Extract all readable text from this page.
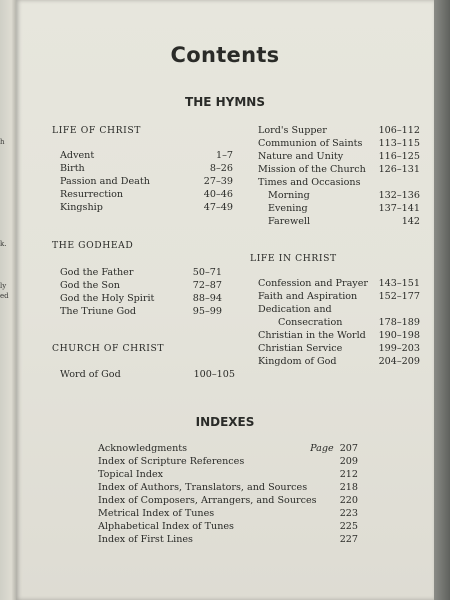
h
k.
ly
ed
Contents
THE HYMNS
LIFE OF CHRIST
Advent	1–7
Birth	8–26
Passion and Death	27–39
Resurrection	40–46
Kingship	47–49
THE GODHEAD
God the Father	50–71
God the Son	72–87
God the Holy Spirit	88–94
The Triune God	95–99
CHURCH OF CHRIST
Word of God	100–105
Lord's Supper	106–112
Communion of Saints 113–115
Nature and Unity	116–125
Mission of the Church 126–131
Times and Occasions
Morning	132–136
Evening	137–141
Farewell	142
LIFE IN CHRIST
Confession and Prayer 143–151
Faith and Aspiration 152–177
Dedication and
Consecration	178–189
Christian in the World 190–198
Christian Service	199–203
Kingdom of God	204–209
INDEXES
Acknowledgments	Page 207
Index of Scripture References	209
Topical Index	212
Index of Authors, Translators, and Sources	218
Index of Composers, Arrangers, and Sources 220
Metrical Index of Tunes	223
Alphabetical Index of Tunes	225
Index of First Lines	227
